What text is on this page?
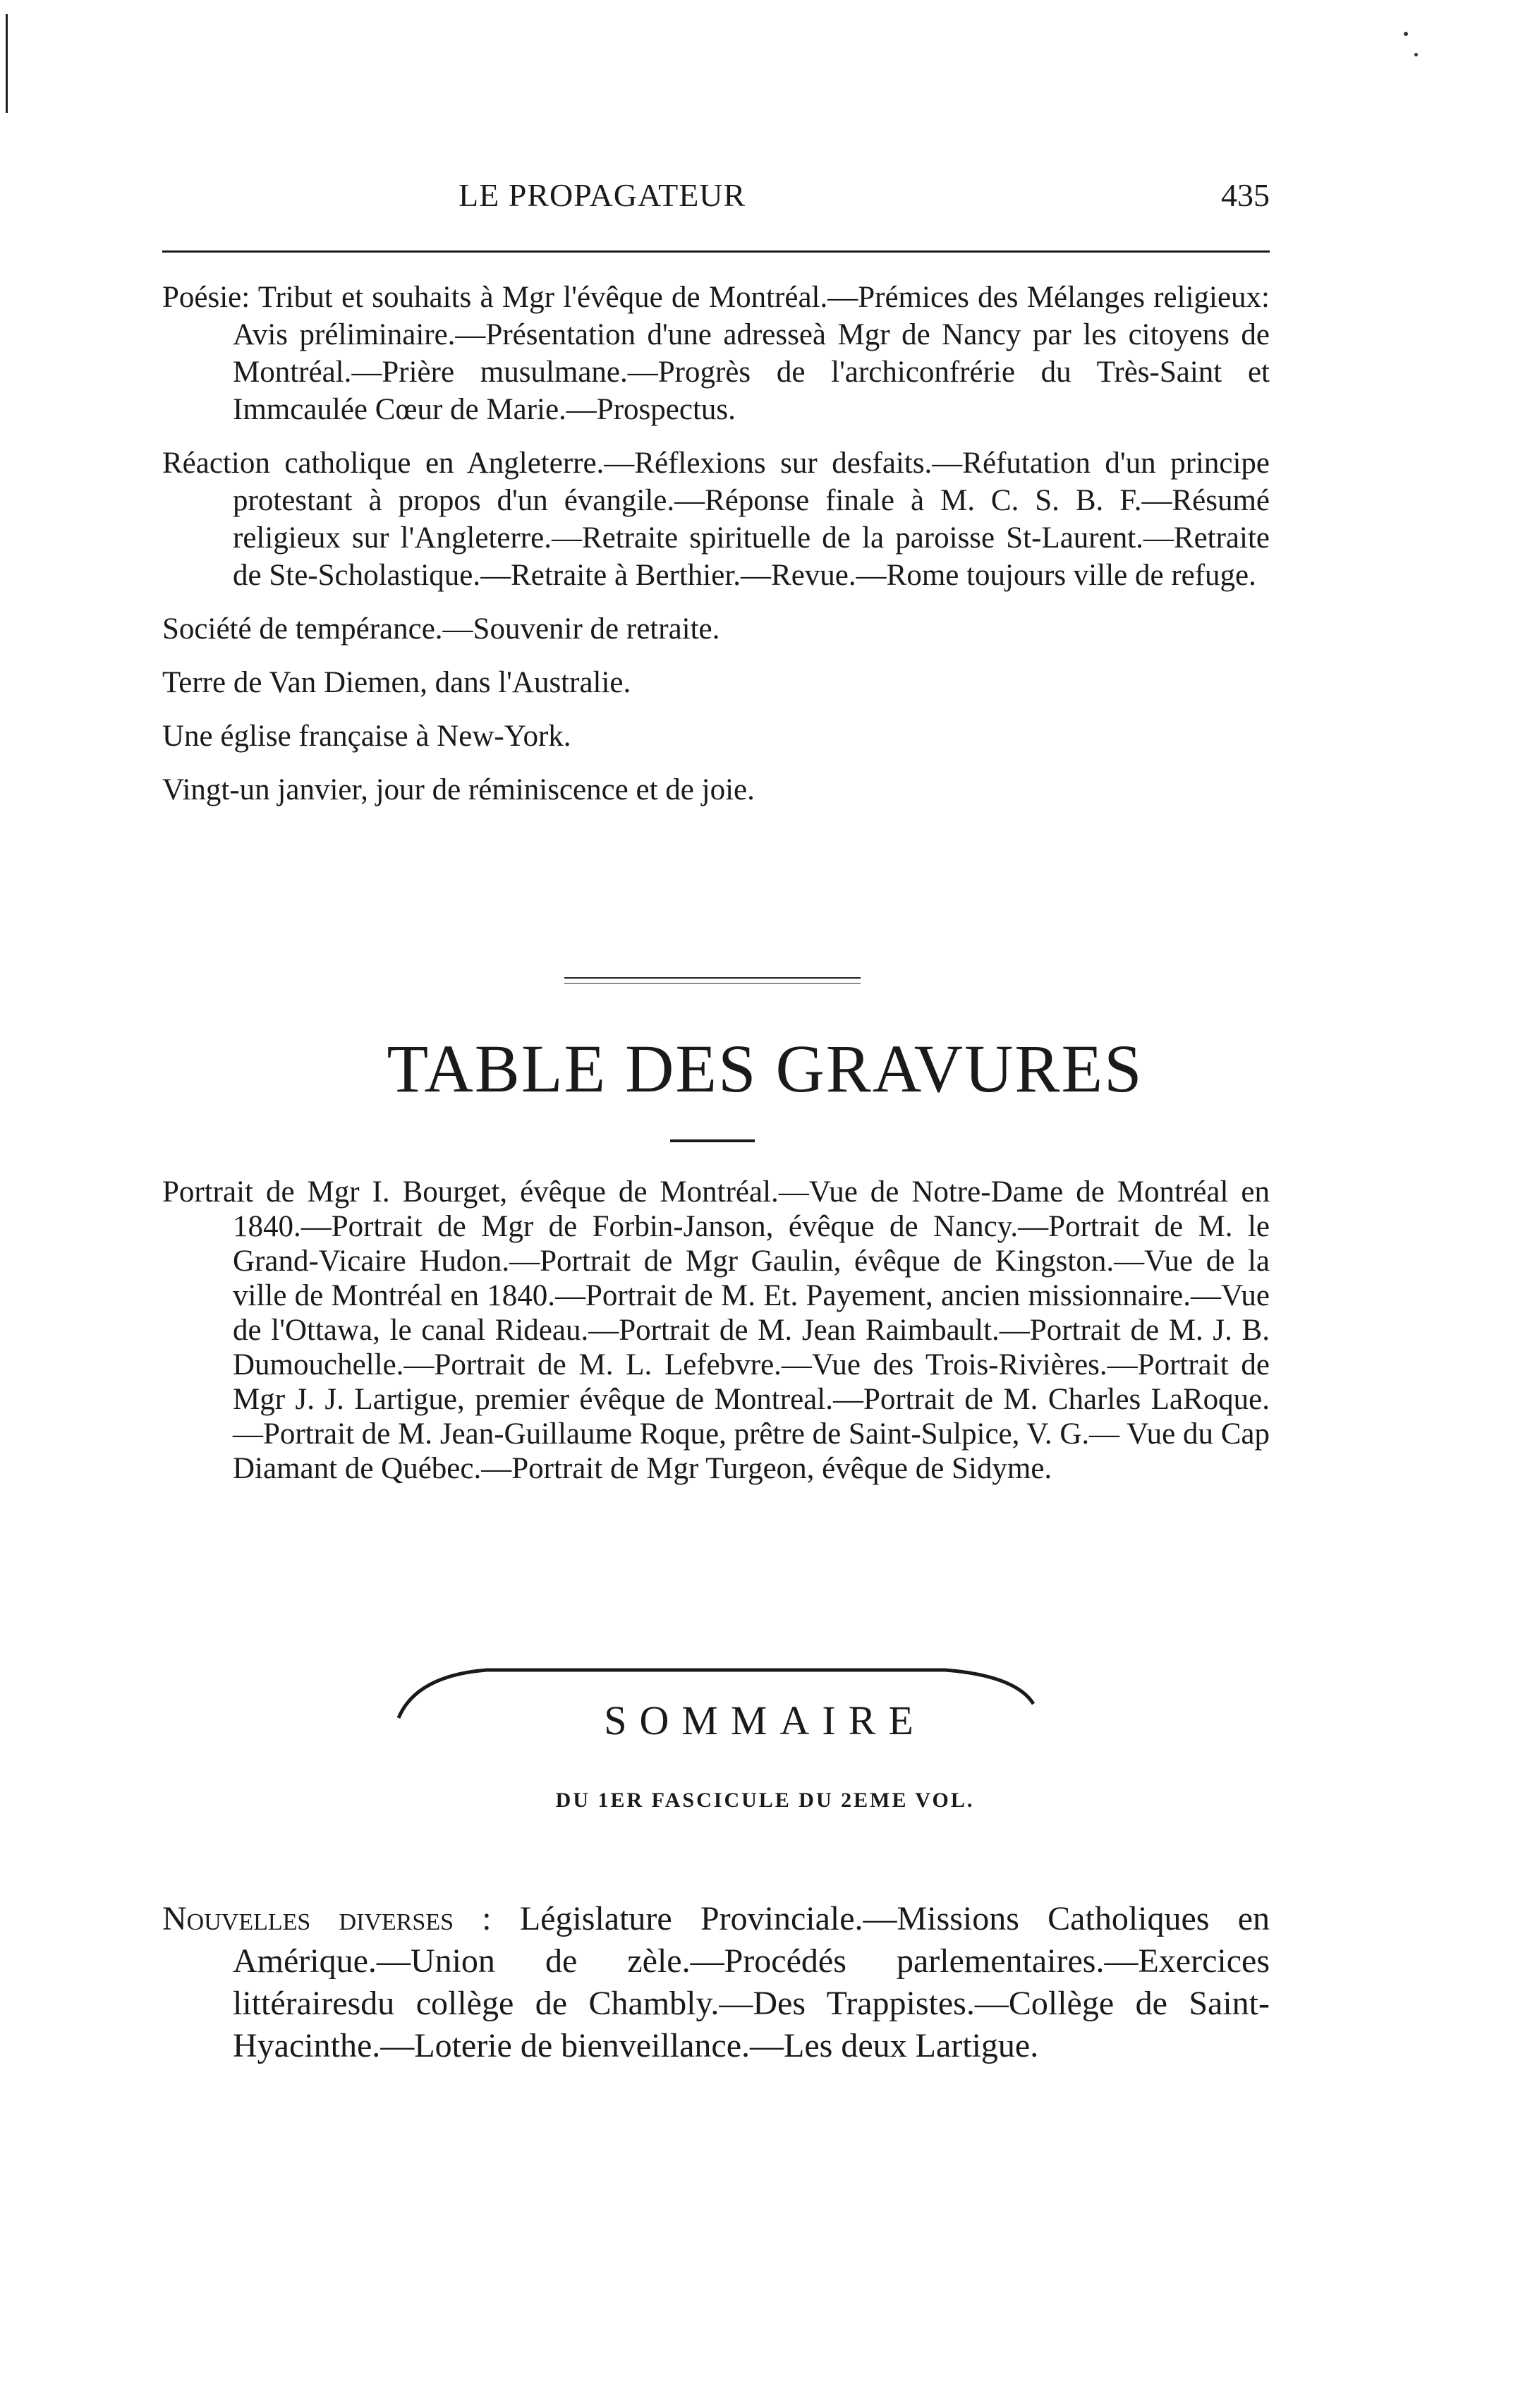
LE PROPAGATEUR	435

Poésie: Tribut et souhaits à Mgr l'évêque de Montréal.—Prémices des Mélanges religieux: Avis préliminaire.—Présentation d'une adresseà Mgr de Nancy par les citoyens de Montréal.—Prière musulmane.—Progrès de l'archiconfrérie du Très-Saint et Immcaulée Cœur de Marie.—Prospectus.

Réaction catholique en Angleterre.—Réflexions sur desfaits.—Réfutation d'un principe protestant à propos d'un évangile.—Réponse finale à M. C. S. B. F.—Résumé religieux sur l'Angleterre.—Retraite spirituelle de la paroisse St-Laurent.—Retraite de Ste-Scholastique.—Retraite à Berthier.—Revue.—Rome toujours ville de refuge.

Société de tempérance.—Souvenir de retraite.

Terre de Van Diemen, dans l'Australie.

Une église française à New-York.

Vingt-un janvier, jour de réminiscence et de joie.

TABLE DES GRAVURES

Portrait de Mgr I. Bourget, évêque de Montréal.—Vue de Notre-Dame de Montréal en 1840.—Portrait de Mgr de Forbin-Janson, évêque de Nancy.—Portrait de M. le Grand-Vicaire Hudon.—Portrait de Mgr Gaulin, évêque de Kingston.—Vue de la ville de Montréal en 1840.—Portrait de M. Et. Payement, ancien missionnaire.—Vue de l'Ottawa, le canal Rideau.—Portrait de M. Jean Raimbault.—Portrait de M. J. B. Dumouchelle.—Portrait de M. L. Lefebvre.—Vue des Trois-Rivières.—Portrait de Mgr J. J. Lartigue, premier évêque de Montreal.—Portrait de M. Charles LaRoque.—Portrait de M. Jean-Guillaume Roque, prêtre de Saint-Sulpice, V. G.— Vue du Cap Diamant de Québec.—Portrait de Mgr Turgeon, évêque de Sidyme.

SOMMAIRE
DU 1ER FASCICULE DU 2EME VOL.

Nouvelles diverses : Législature Provinciale.—Missions Catholiques en Amérique.—Union de zèle.—Procédés parlementaires.—Exercices littérairesdu collège de Chambly.—Des Trappistes.—Collège de Saint-Hyacinthe.—Loterie de bienveillance.—Les deux Lartigue.
